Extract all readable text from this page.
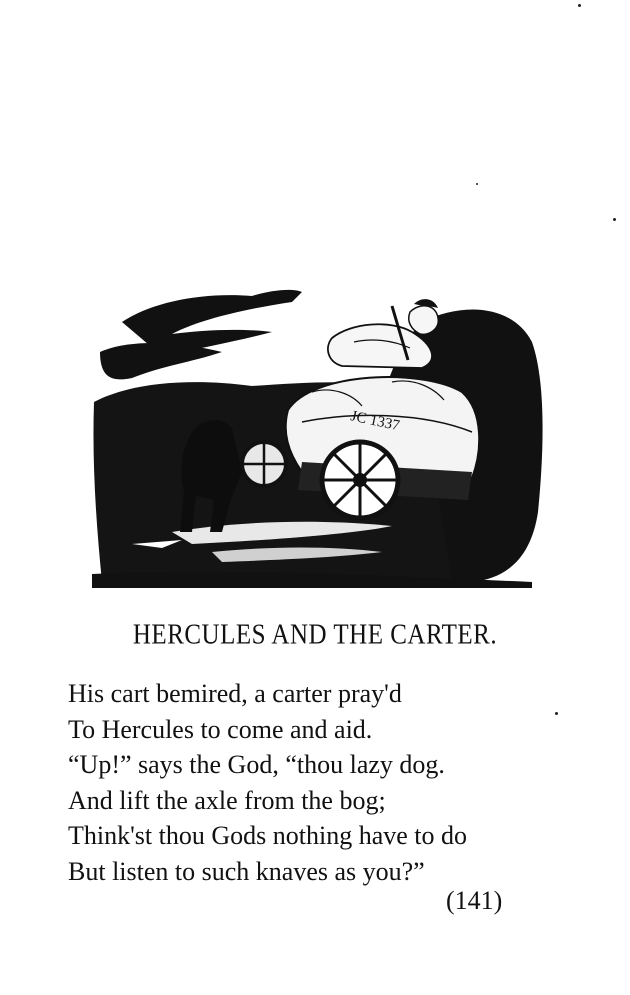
JC 1337
HERCULES AND THE CARTER.
His cart bemired, a carter pray'd
To Hercules to come and aid.
“Up!” says the God, “thou lazy dog.
And lift the axle from the bog;
Think'st thou Gods nothing have to do
But listen to such knaves as you?”
(141)
